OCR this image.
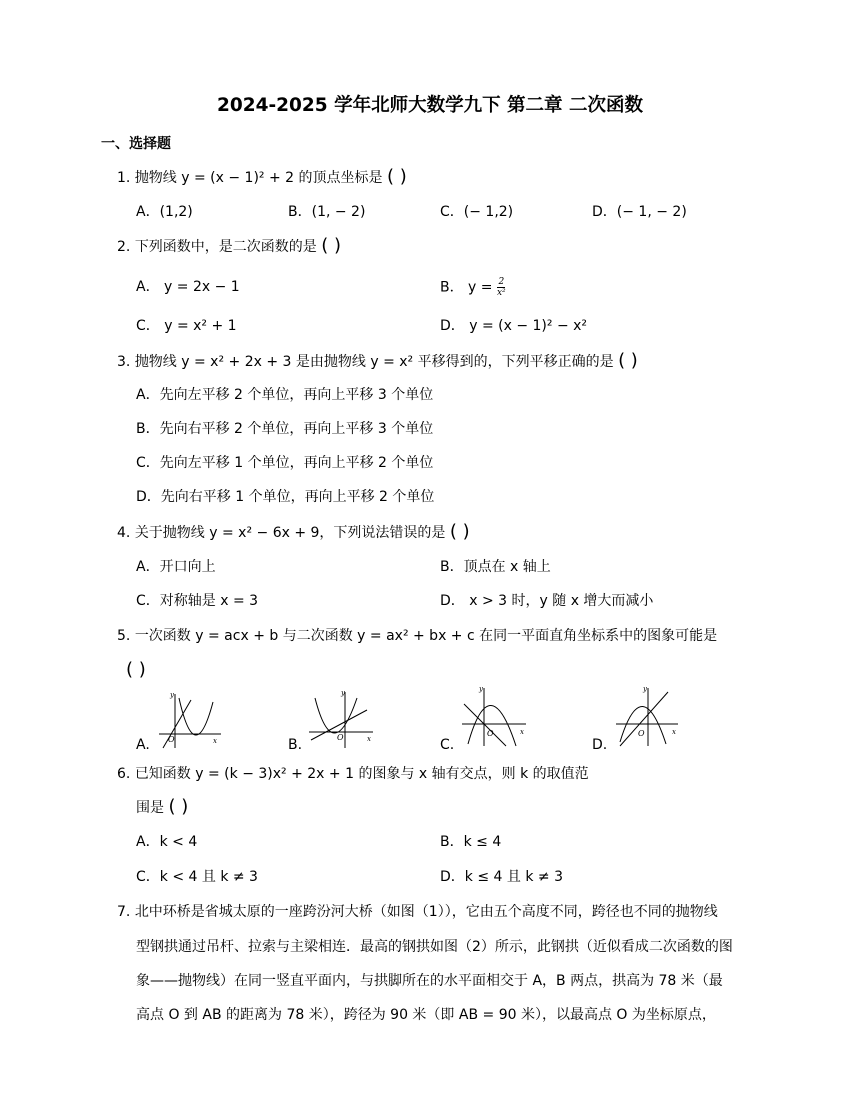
2024-2025 学年北师大数学九下 第二章 二次函数
一、选择题
1. 抛物线 y = (x − 1)² + 2 的顶点坐标是 ( )
A．(1,2)	B．(1, − 2)	C．(− 1,2)	D．(− 1, − 2)
2. 下列函数中，是二次函数的是 ( )
A． y = 2x − 1	B． $y = \frac{2}{\text{x²}}$
C． y = x² + 1	D． y = (x − 1)² − x²
3. 抛物线 y = x² + 2x + 3 是由抛物线 y = x² 平移得到的，下列平移正确的是 ( )
A．先向左平移 2 个单位，再向上平移 3 个单位
B．先向右平移 2 个单位，再向上平移 3 个单位
C．先向左平移 1 个单位，再向上平移 2 个单位
D．先向右平移 1 个单位，再向上平移 2 个单位
4. 关于抛物线 y = x² − 6x + 9，下列说法错误的是 ( )
A．开口向上	B．顶点在 x 轴上
C．对称轴是 x = 3	D． x > 3 时，y 随 x 增大而减小
5. 一次函数 y = acx + b 与二次函数 y = ax² + bx + c 在同一平面直角坐标系中的图象可能是
( )
A.
y
x
O	B.
y
x
O	C.
y
x
O
D.
y
x
O
6. 已知函数 y = (k − 3)x² + 2x + 1 的图象与 x 轴有交点，则 k 的取值范
围是 ( )
A．k < 4	B．k ≤ 4
C．k < 4 且 k ≠ 3	D．k ≤ 4 且 k ≠ 3
7. 北中环桥是省城太原的一座跨汾河大桥（如图（1）），它由五个高度不同，跨径也不同的抛物线
型钢拱通过吊杆、拉索与主梁相连．最高的钢拱如图（2）所示，此钢拱（近似看成二次函数的图
象——抛物线）在同一竖直平面内，与拱脚所在的水平面相交于 A，B 两点，拱高为 78 米（最
高点 O 到 AB 的距离为 78 米），跨径为 90 米（即 AB = 90 米），以最高点 O 为坐标原点，
